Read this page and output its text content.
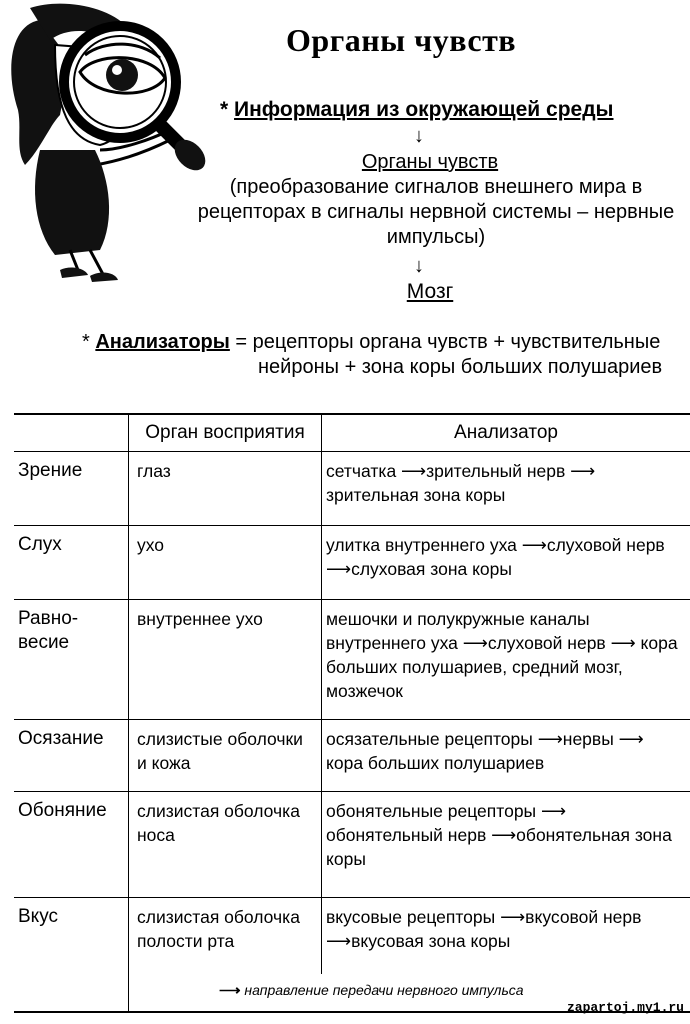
Органы чувств
* Информация из окружающей среды
↓
Органы чувств
(преобразование сигналов внешнего мира в рецепторах в сигналы нервной системы – нервные импульсы)
↓
Мозг
* Анализаторы = рецепторы органа чувств + чувствительные
нейроны + зона коры больших полушариев
	Орган восприятия	Анализатор
Зрение	глаз	сетчатка ⟶зрительный нерв ⟶ зрительная зона коры
Слух	ухо	улитка внутреннего уха ⟶слуховой нерв ⟶слуховая зона коры
Равно-весие	внутреннее ухо	мешочки и полукружные каналы внутреннего уха ⟶слуховой нерв ⟶ кора больших полушариев, средний мозг, мозжечок
Осязание	слизистые оболочки и кожа	осязательные рецепторы ⟶нервы ⟶ кора больших полушариев
Обоняние	слизистая оболочка носа	обонятельные рецепторы ⟶ обонятельный нерв ⟶обонятельная зона коры
Вкус	слизистая оболочка полости рта	вкусовые рецепторы ⟶вкусовой нерв ⟶вкусовая зона коры
	⟶ направление передачи нервного импульса	
zapartoj.my1.ru
